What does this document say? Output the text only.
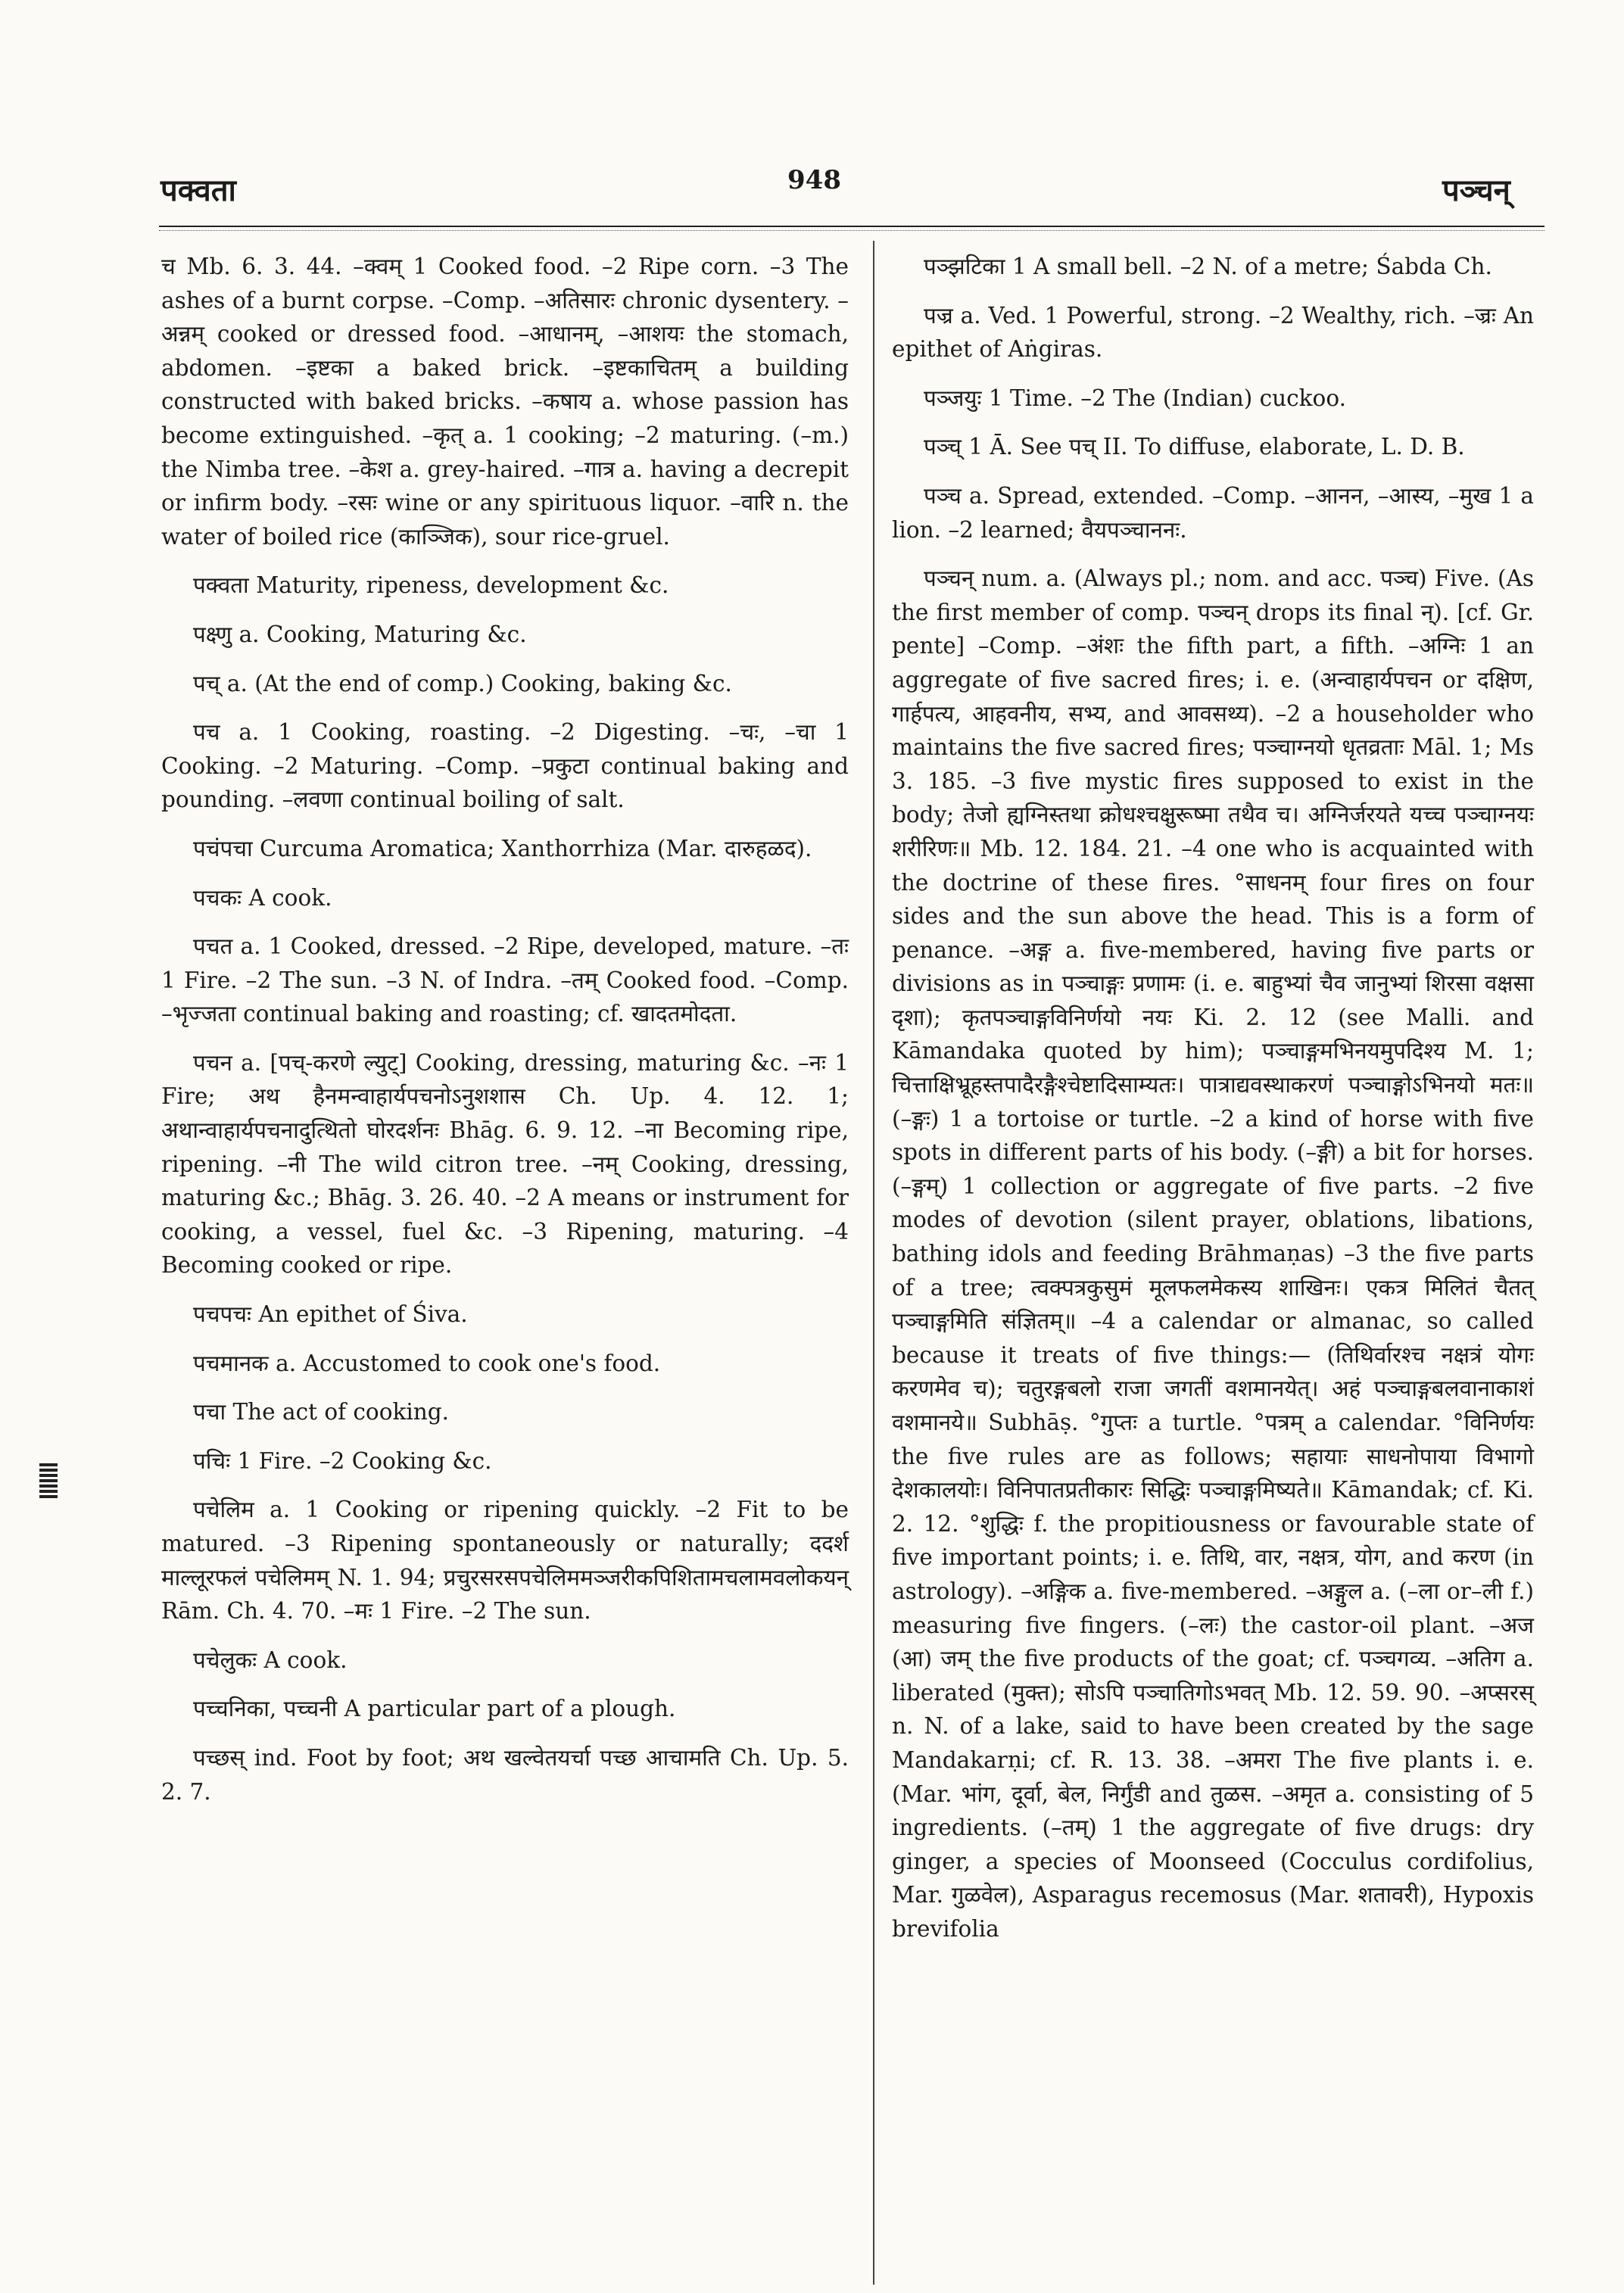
पक्वता	948	पञ्चन्

च Mb. 6. 3. 44. –क्वम् 1 Cooked food. –2 Ripe corn. –3 The ashes of a burnt corpse. –Comp. –अतिसारः chronic dysentery. –अन्नम् cooked or dressed food. –आधानम्, –आशयः the stomach, abdomen. –इष्टका a baked brick. –इष्टकाचितम् a building constructed with baked bricks. –कषाय a. whose passion has become extinguished. –कृत् a. 1 cooking; –2 maturing. (–m.) the Nimba tree. –केश a. grey-haired. –गात्र a. having a decrepit or infirm body. –रसः wine or any spirituous liquor. –वारि n. the water of boiled rice (काञ्जिक), sour rice-gruel.

पक्वता Maturity, ripeness, development &c.

पक्ष्णु a. Cooking, Maturing &c.

पच् a. (At the end of comp.) Cooking, baking &c.

पच a. 1 Cooking, roasting. –2 Digesting. –चः, –चा 1 Cooking. –2 Maturing. –Comp. –प्रकुटा continual baking and pounding. –लवणा continual boiling of salt.

पचंपचा Curcuma Aromatica; Xanthorrhiza (Mar. दारुहळद).

पचकः A cook.

पचत a. 1 Cooked, dressed. –2 Ripe, developed, mature. –तः 1 Fire. –2 The sun. –3 N. of Indra. –तम् Cooked food. –Comp. –भृज्जता continual baking and roasting; cf. खादतमोदता.

पचन a. [पच्-करणे ल्युट्] Cooking, dressing, maturing &c. –नः 1 Fire; अथ हैनमन्वाहार्यपचनोऽनुशशास Ch. Up. 4. 12. 1; अथान्वाहार्यपचनादुत्थितो घोरदर्शनः Bhāg. 6. 9. 12. –ना Becoming ripe, ripening. –नी The wild citron tree. –नम् Cooking, dressing, maturing &c.; Bhāg. 3. 26. 40. –2 A means or instrument for cooking, a vessel, fuel &c. –3 Ripening, maturing. –4 Becoming cooked or ripe.

पचपचः An epithet of Śiva.

पचमानक a. Accustomed to cook one's food.

पचा The act of cooking.

पचिः 1 Fire. –2 Cooking &c.

पचेलिम a. 1 Cooking or ripening quickly. –2 Fit to be matured. –3 Ripening spontaneously or naturally; ददर्श माल्लूरफलं पचेलिमम् N. 1. 94; प्रचुरसरसपचेलिममञ्जरीकपिशितामचलामवलोकयन् Rām. Ch. 4. 70. –मः 1 Fire. –2 The sun.

पचेलुकः A cook.

पच्चनिका, पच्चनी A particular part of a plough.

पच्छस् ind. Foot by foot; अथ खल्वेतयर्चा पच्छ आचामति Ch. Up. 5. 2. 7.

पञ्झटिका 1 A small bell. –2 N. of a metre; Śabda Ch.

पज्र a. Ved. 1 Powerful, strong. –2 Wealthy, rich. –ज्रः An epithet of Aṅgiras.

पञ्जयुः 1 Time. –2 The (Indian) cuckoo.

पञ्च् 1 Ā. See पच् II. To diffuse, elaborate, L. D. B.

पञ्च a. Spread, extended. –Comp. –आनन, –आस्य, –मुख 1 a lion. –2 learned; वैयपञ्चाननः.

पञ्चन् num. a. (Always pl.; nom. and acc. पञ्च) Five. (As the first member of comp. पञ्चन् drops its final न्). [cf. Gr. pente] –Comp. –अंशः the fifth part, a fifth. –अग्निः 1 an aggregate of five sacred fires; i. e. (अन्वाहार्यपचन or दक्षिण, गार्हपत्य, आहवनीय, सभ्य, and आवसथ्य). –2 a householder who maintains the five sacred fires; पञ्चाग्नयो धृतव्रताः Māl. 1; Ms 3. 185. –3 five mystic fires supposed to exist in the body; तेजो ह्यग्निस्तथा क्रोधश्चक्षुरूष्मा तथैव च। अग्निर्जरयते यच्च पञ्चाग्नयः शरीरिणः॥ Mb. 12. 184. 21. –4 one who is acquainted with the doctrine of these fires. °साधनम् four fires on four sides and the sun above the head. This is a form of penance. –अङ्ग a. five-membered, having five parts or divisions as in पञ्चाङ्गः प्रणामः (i. e. बाहुभ्यां चैव जानुभ्यां शिरसा वक्षसा दृशा); कृतपञ्चाङ्गविनिर्णयो नयः Ki. 2. 12 (see Malli. and Kāmandaka quoted by him); पञ्चाङ्गमभिनयमुपदिश्य M. 1; चित्ताक्षिभ्रूहस्तपादैरङ्गैश्चेष्टादिसाम्यतः। पात्राद्यवस्थाकरणं पञ्चाङ्गोऽभिनयो मतः॥ (–ङ्गः) 1 a tortoise or turtle. –2 a kind of horse with five spots in different parts of his body. (–ङ्गी) a bit for horses. (–ङ्गम्) 1 collection or aggregate of five parts. –2 five modes of devotion (silent prayer, oblations, libations, bathing idols and feeding Brāhmaṇas) –3 the five parts of a tree; त्वक्पत्रकुसुमं मूलफलमेकस्य शाखिनः। एकत्र मिलितं चैतत् पञ्चाङ्गमिति संज्ञितम्॥ –4 a calendar or almanac, so called because it treats of five things:— (तिथिर्वारश्च नक्षत्रं योगः करणमेव च); चतुरङ्गबलो राजा जगतीं वशमानयेत्। अहं पञ्चाङ्गबलवानाकाशं वशमानये॥ Subhāṣ. °गुप्तः a turtle. °पत्रम् a calendar. °विनिर्णयः the five rules are as follows; सहायाः साधनोपाया विभागो देशकालयोः। विनिपातप्रतीकारः सिद्धिः पञ्चाङ्गमिष्यते॥ Kāmandak; cf. Ki. 2. 12. °शुद्धिः f. the propitiousness or favourable state of five important points; i. e. तिथि, वार, नक्षत्र, योग, and करण (in astrology). –अङ्गिक a. five-membered. –अङ्गुल a. (–ला or–ली f.) measuring five fingers. (–लः) the castor-oil plant. –अज (आ) जम् the five products of the goat; cf. पञ्चगव्य. –अतिग a. liberated (मुक्त); सोऽपि पञ्चातिगोऽभवत् Mb. 12. 59. 90. –अप्सरस् n. N. of a lake, said to have been created by the sage Mandakarṇi; cf. R. 13. 38. –अमरा The five plants i. e. (Mar. भांग, दूर्वा, बेल, निर्गुंडी and तुळस. –अमृत a. consisting of 5 ingredients. (–तम्) 1 the aggregate of five drugs: dry ginger, a species of Moonseed (Cocculus cordifolius, Mar. गुळवेल), Asparagus recemosus (Mar. शतावरी), Hypoxis brevifolia
